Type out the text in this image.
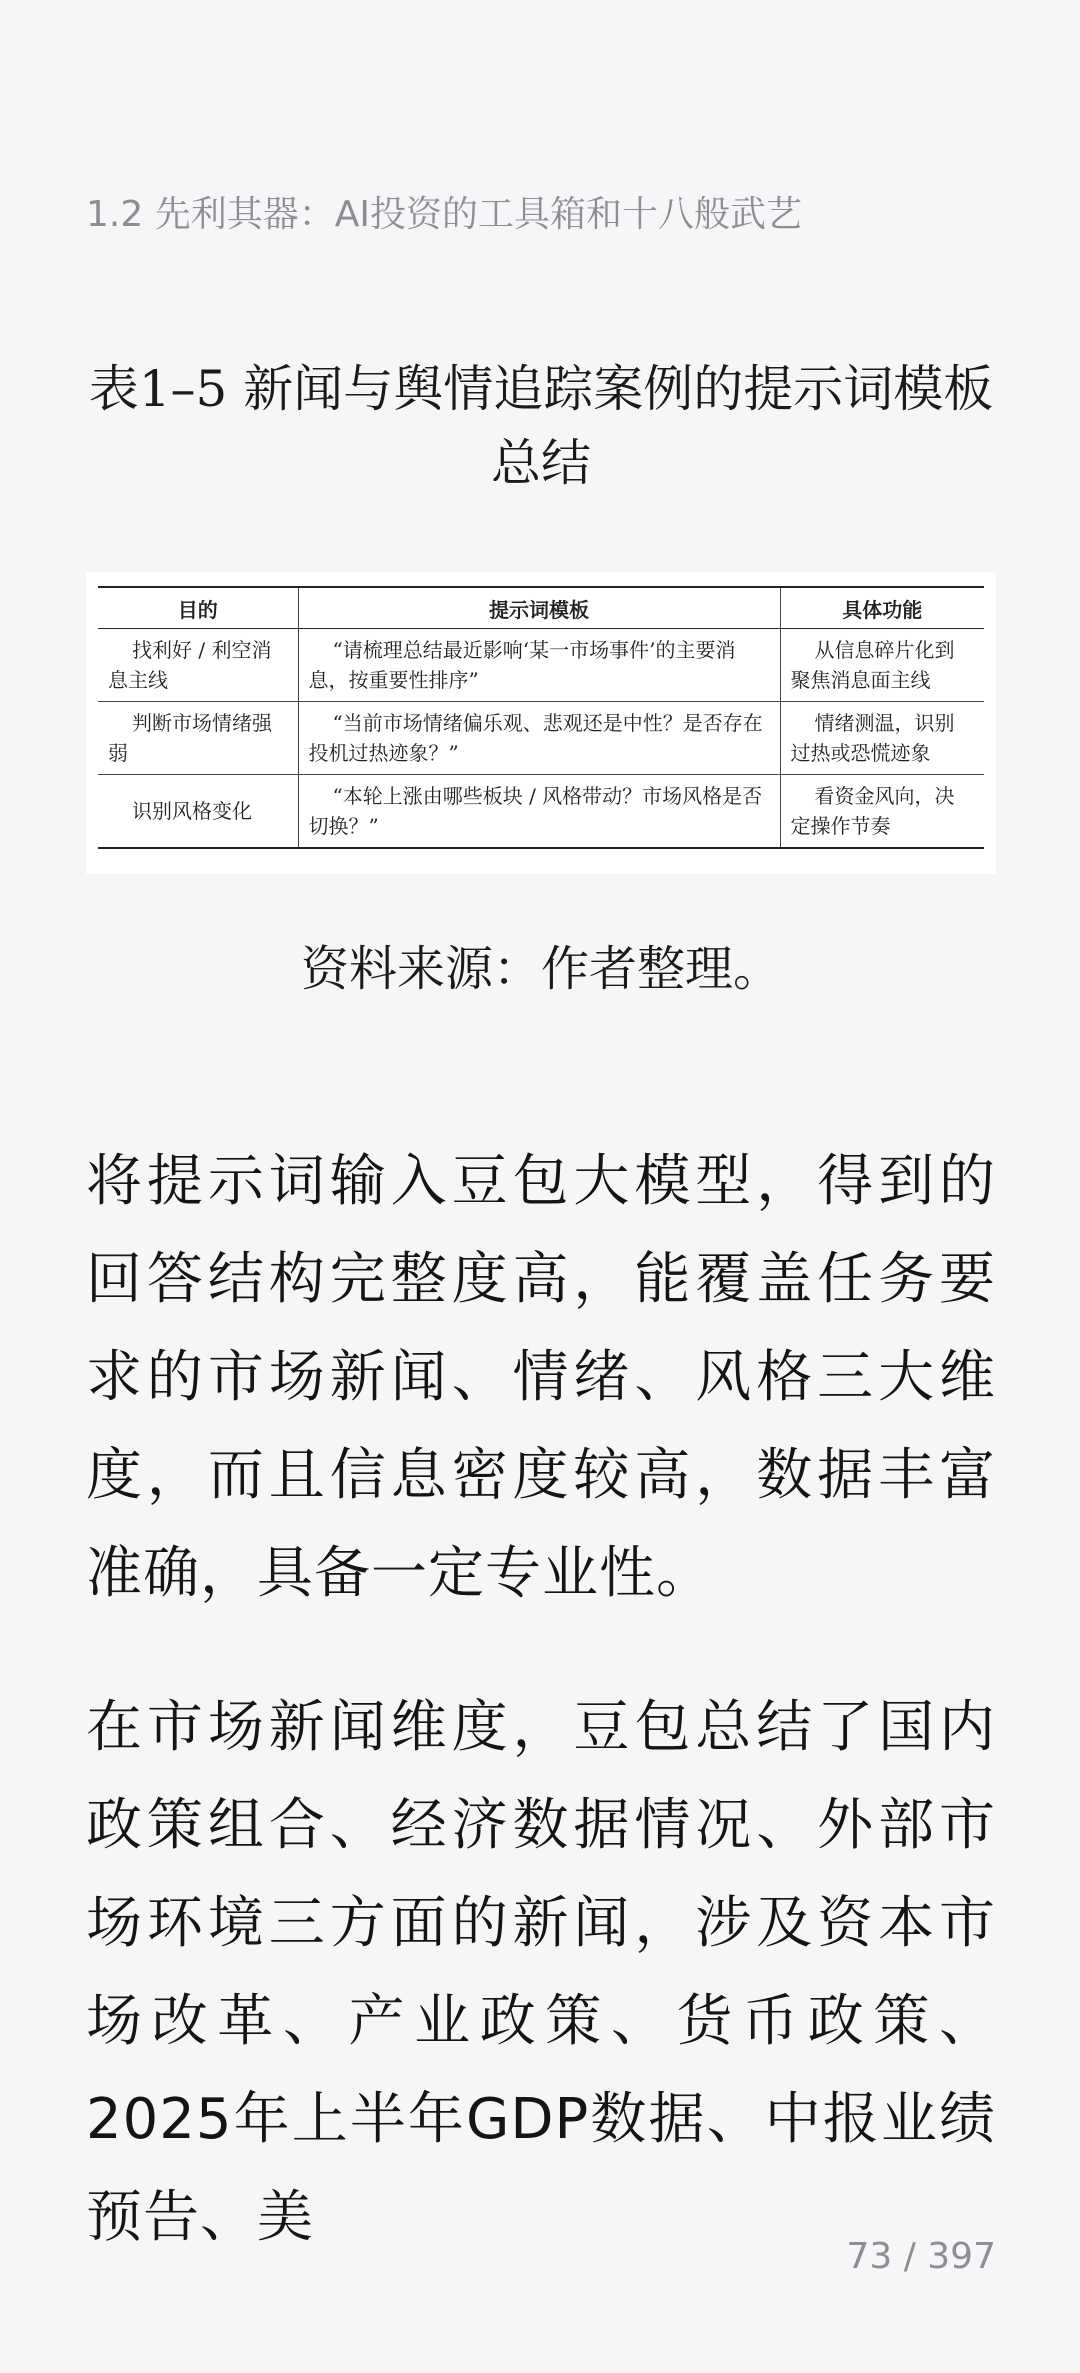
1.2 先利其器：AI投资的工具箱和十八般武艺
表1–5 新闻与舆情追踪案例的提示词模板总结
目的	提示词模板	具体功能
找利好 / 利空消息主线	“请梳理总结最近影响‘某一市场事件’的主要消息，按重要性排序”	从信息碎片化到聚焦消息面主线
判断市场情绪强弱	“当前市场情绪偏乐观、悲观还是中性？是否存在投机过热迹象？”	情绪测温，识别过热或恐慌迹象
识别风格变化	“本轮上涨由哪些板块 / 风格带动？市场风格是否切换？”	看资金风向，决定操作节奏
资料来源：作者整理。

将提示词输入豆包大模型，得到的回答结构完整度高，能覆盖任务要求的市场新闻、情绪、风格三大维度，而且信息密度较高，数据丰富准确，具备一定专业性。

在市场新闻维度，豆包总结了国内政策组合、经济数据情况、外部市场环境三方面的新闻，涉及资本市场改革、产业政策、货币政策、2025年上半年GDP数据、中报业绩预告、美

73 / 397
